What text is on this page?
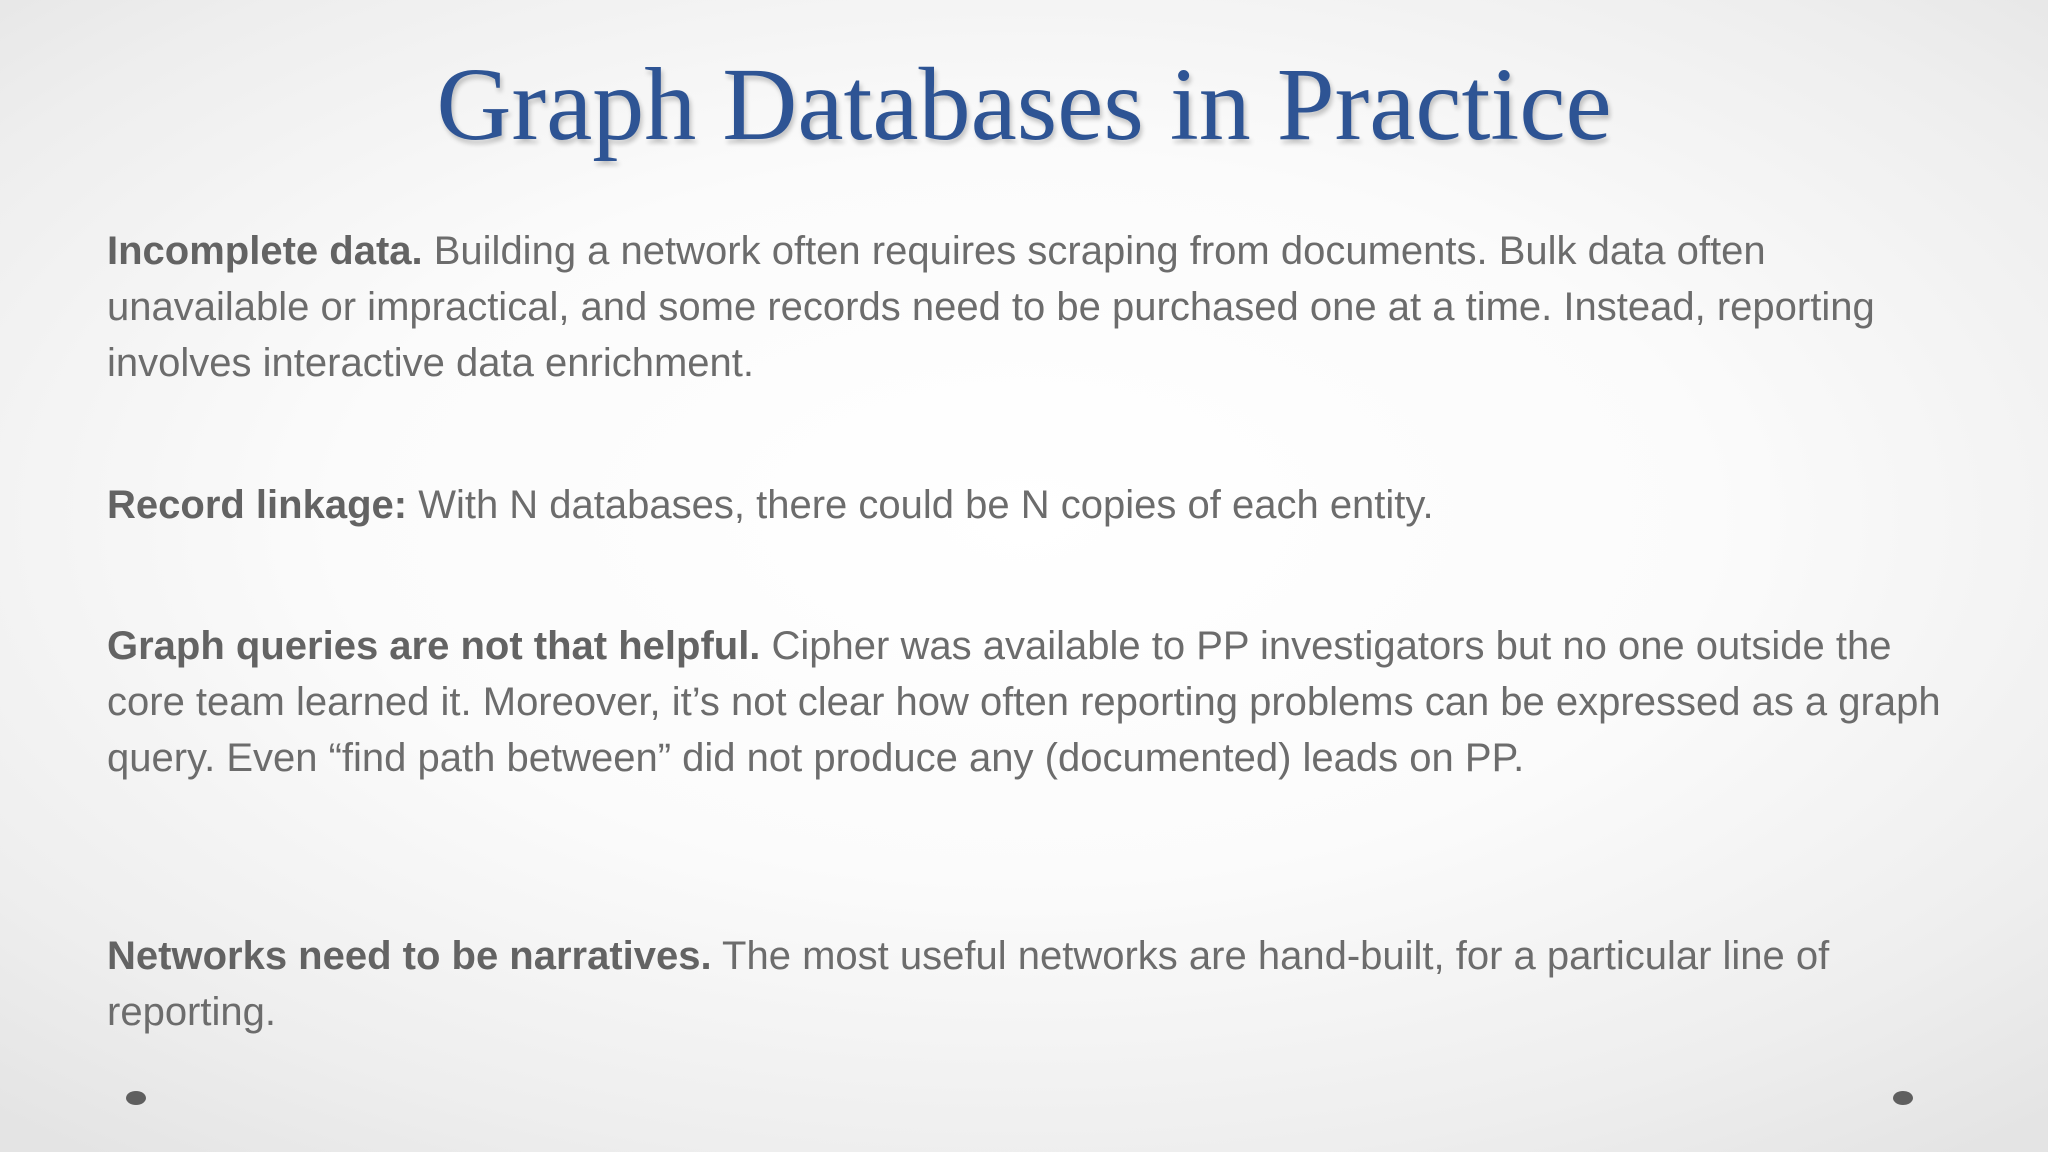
Graph Databases in Practice

Incomplete data. Building a network often requires scraping from documents. Bulk data often unavailable or impractical, and some records need to be purchased one at a time. Instead, reporting involves interactive data enrichment.

Record linkage: With N databases, there could be N copies of each entity.

Graph queries are not that helpful. Cipher was available to PP investigators but no one outside the core team learned it. Moreover, it’s not clear how often reporting problems can be expressed as a graph query. Even “find path between” did not produce any (documented) leads on PP.

Networks need to be narratives. The most useful networks are hand-built, for a particular line of reporting.
